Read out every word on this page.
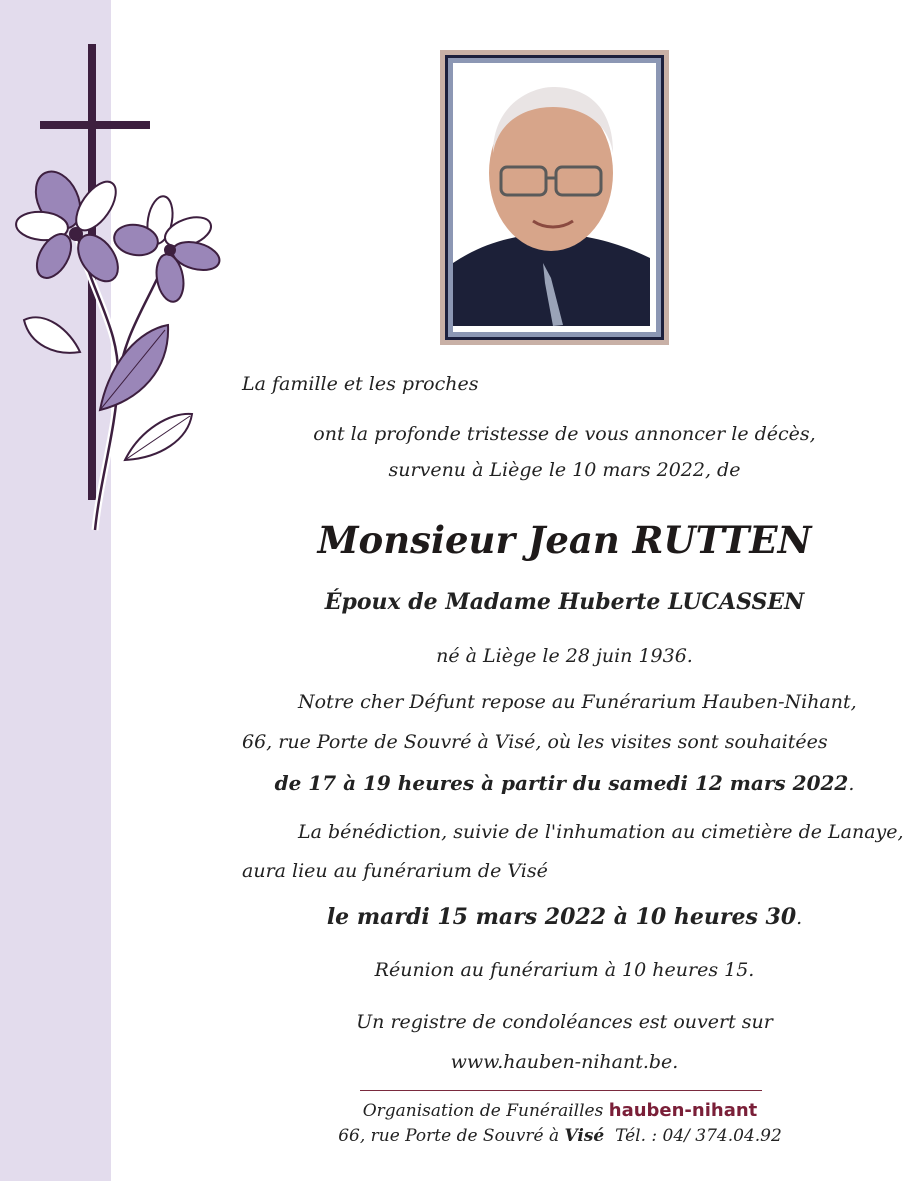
La famille et les proches
ont la profonde tristesse de vous annoncer le décès,
survenu à Liège le 10 mars 2022, de
Monsieur Jean RUTTEN
Époux de Madame Huberte LUCASSEN
né à Liège le 28 juin 1936.
Notre cher Défunt repose au Funérarium Hauben-Nihant,
66, rue Porte de Souvré à Visé, où les visites sont souhaitées
de 17 à 19 heures à partir du samedi 12 mars 2022.
La bénédiction, suivie de l'inhumation au cimetière de Lanaye,
aura lieu au funérarium de Visé
le mardi 15 mars 2022 à 10 heures 30.
Réunion au funérarium à 10 heures 15.
Un registre de condoléances est ouvert sur
www.hauben-nihant.be.
Organisation de Funérailles hauben-nihant
66, rue Porte de Souvré à Visé Tél. : 04/ 374.04.92
